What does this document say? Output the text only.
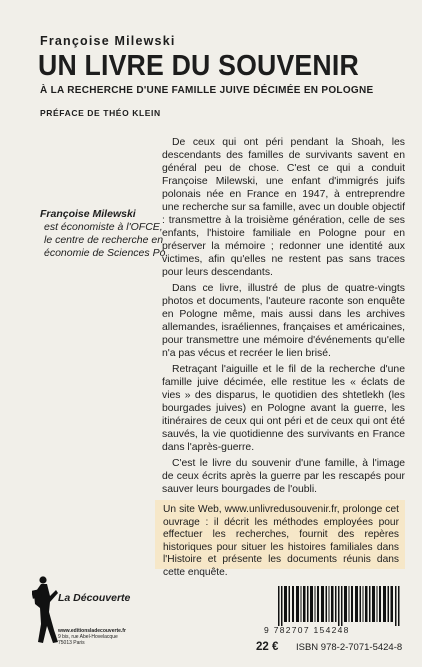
Françoise Milewski
UN LIVRE DU SOUVENIR
À LA RECHERCHE D'UNE FAMILLE JUIVE DÉCIMÉE EN POLOGNE
PRÉFACE DE THÉO KLEIN
Françoise Milewski
est économiste à l'OFCE, le centre de recherche en économie de Sciences Po.

De ceux qui ont péri pendant la Shoah, les descendants des familles de survivants savent en général peu de chose. C'est ce qui a conduit Françoise Milewski, une enfant d'immigrés juifs polonais née en France en 1947, à entreprendre une recherche sur sa famille, avec un double objectif : transmettre à la troisième génération, celle de ses enfants, l'histoire familiale en Pologne pour en préserver la mémoire ; redonner une identité aux victimes, afin qu'elles ne restent pas sans traces pour leurs descendants.

Dans ce livre, illustré de plus de quatre-vingts photos et documents, l'auteure raconte son enquête en Pologne même, mais aussi dans les archives allemandes, israéliennes, françaises et américaines, pour transmettre une mémoire d'événements qu'elle n'a pas vécus et recréer le lien brisé.

Retraçant l'aiguille et le fil de la recherche d'une famille juive décimée, elle restitue les « éclats de vies » des disparus, le quotidien des shtetlekh (les bourgades juives) en Pologne avant la guerre, les itinéraires de ceux qui ont péri et de ceux qui ont été sauvés, la vie quotidienne des survivants en France dans l'après-guerre.

C'est le livre du souvenir d'une famille, à l'image de ceux écrits après la guerre par les rescapés pour sauver leurs bourgades de l'oubli.

Un site Web, www.unlivredusouvenir.fr, prolonge cet ouvrage : il décrit les méthodes employées pour effectuer les recherches, fournit des repères historiques pour situer les histoires familiales dans l'Histoire et présente les documents réunis dans cette enquête.
La Découverte
www.editionsladecouverte.fr
9 bis, rue Abel-Hovelacque
75013 Paris
9 782707 154248
22 € ISBN 978-2-7071-5424-8
